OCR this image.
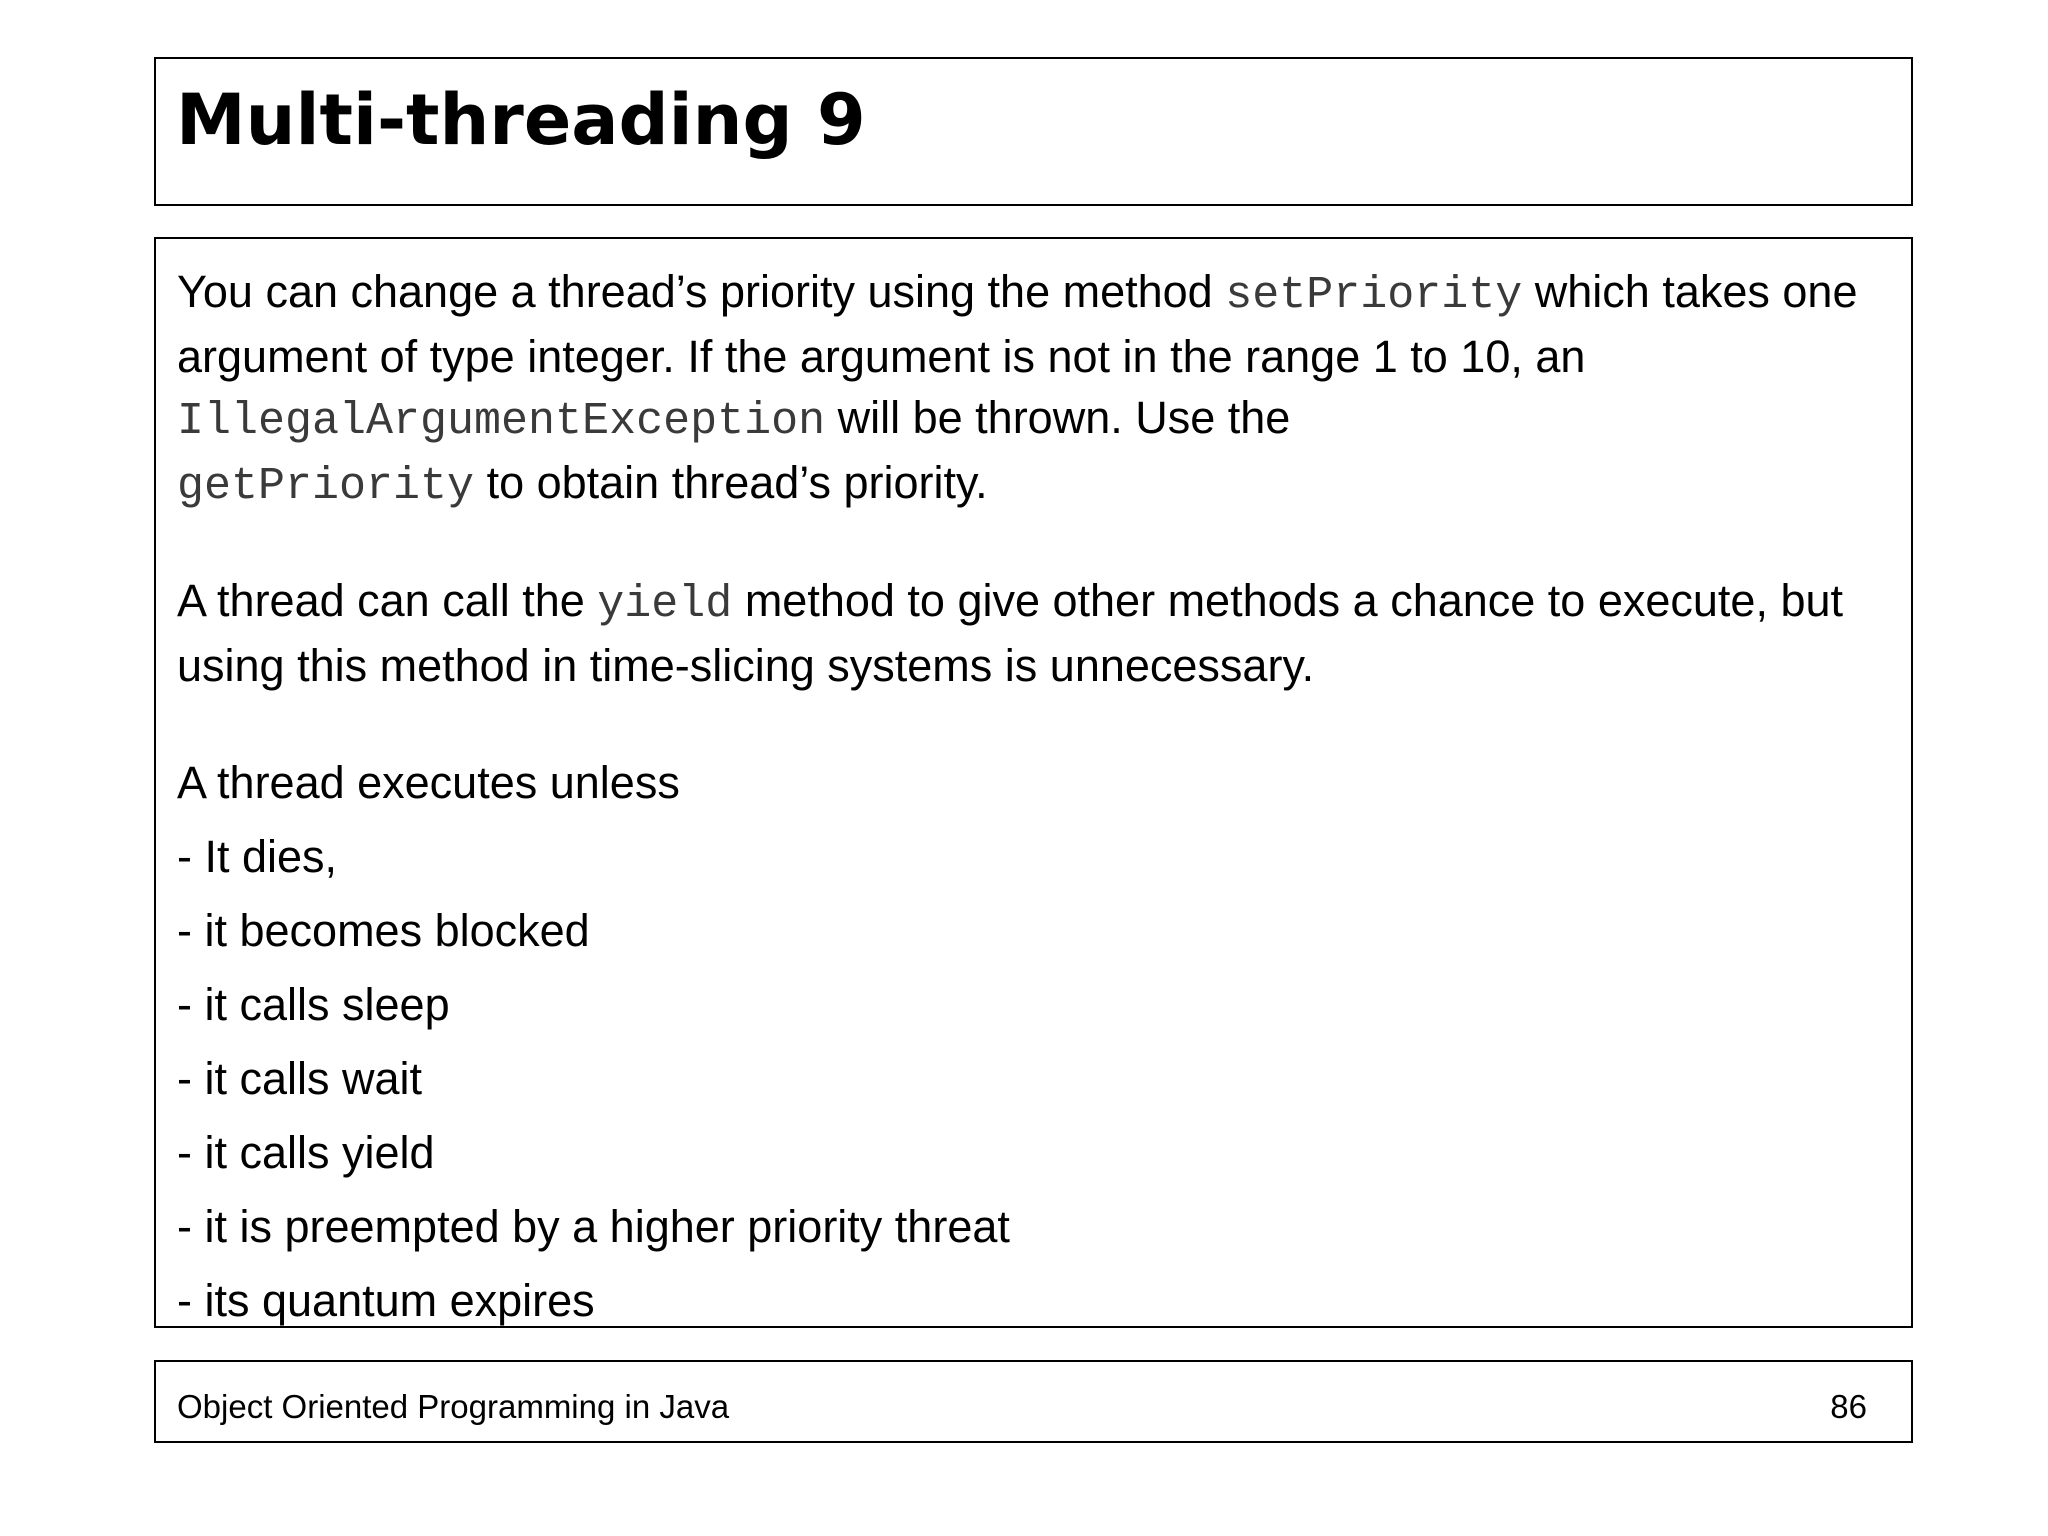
Multi-threading 9

You can change a thread’s priority using the method setPriority which takes one argument of type integer. If the argument is not in the range 1 to 10, an IllegalArgumentException will be thrown. Use the
getPriority to obtain thread’s priority.

A thread can call the yield method to give other methods a chance to execute, but using this method in time-slicing systems is unnecessary.

A thread executes unless

- It dies,

- it becomes blocked

- it calls sleep

- it calls wait

- it calls yield

- it is preempted by a higher priority threat

- its quantum expires

Object Oriented Programming in Java	86
